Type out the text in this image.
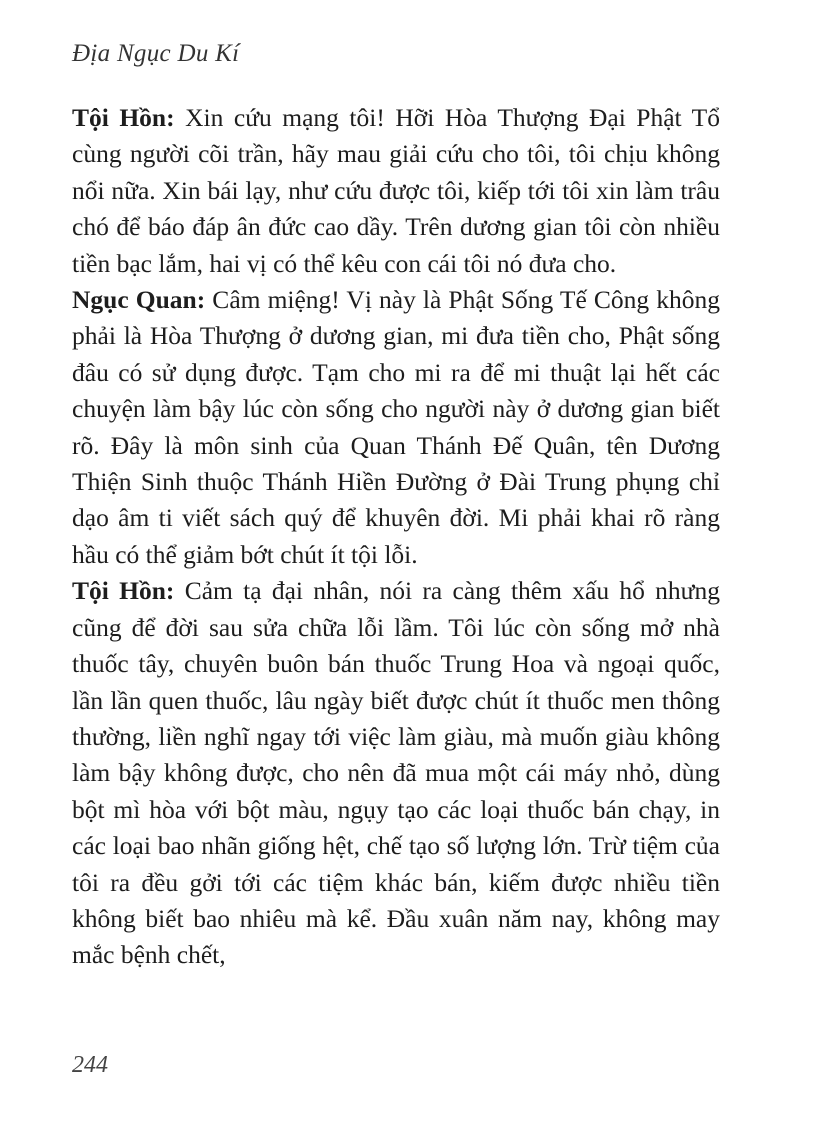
Địa Ngục Du Kí

Tội Hồn: Xin cứu mạng tôi! Hỡi Hòa Thượng Đại Phật Tổ cùng người cõi trần, hãy mau giải cứu cho tôi, tôi chịu không nổi nữa. Xin bái lạy, như cứu được tôi, kiếp tới tôi xin làm trâu chó để báo đáp ân đức cao dầy. Trên dương gian tôi còn nhiều tiền bạc lắm, hai vị có thể kêu con cái tôi nó đưa cho.

Ngục Quan: Câm miệng! Vị này là Phật Sống Tế Công không phải là Hòa Thượng ở dương gian, mi đưa tiền cho, Phật sống đâu có sử dụng được. Tạm cho mi ra để mi thuật lại hết các chuyện làm bậy lúc còn sống cho người này ở dương gian biết rõ. Đây là môn sinh của Quan Thánh Đế Quân, tên Dương Thiện Sinh thuộc Thánh Hiền Đường ở Đài Trung phụng chỉ dạo âm ti viết sách quý để khuyên đời. Mi phải khai rõ ràng hầu có thể giảm bớt chút ít tội lỗi.

Tội Hồn: Cảm tạ đại nhân, nói ra càng thêm xấu hổ nhưng cũng để đời sau sửa chữa lỗi lầm. Tôi lúc còn sống mở nhà thuốc tây, chuyên buôn bán thuốc Trung Hoa và ngoại quốc, lần lần quen thuốc, lâu ngày biết được chút ít thuốc men thông thường, liền nghĩ ngay tới việc làm giàu, mà muốn giàu không làm bậy không được, cho nên đã mua một cái máy nhỏ, dùng bột mì hòa với bột màu, ngụy tạo các loại thuốc bán chạy, in các loại bao nhãn giống hệt, chế tạo số lượng lớn. Trừ tiệm của tôi ra đều gởi tới các tiệm khác bán, kiếm được nhiều tiền không biết bao nhiêu mà kể. Đầu xuân năm nay, không may mắc bệnh chết,

244
